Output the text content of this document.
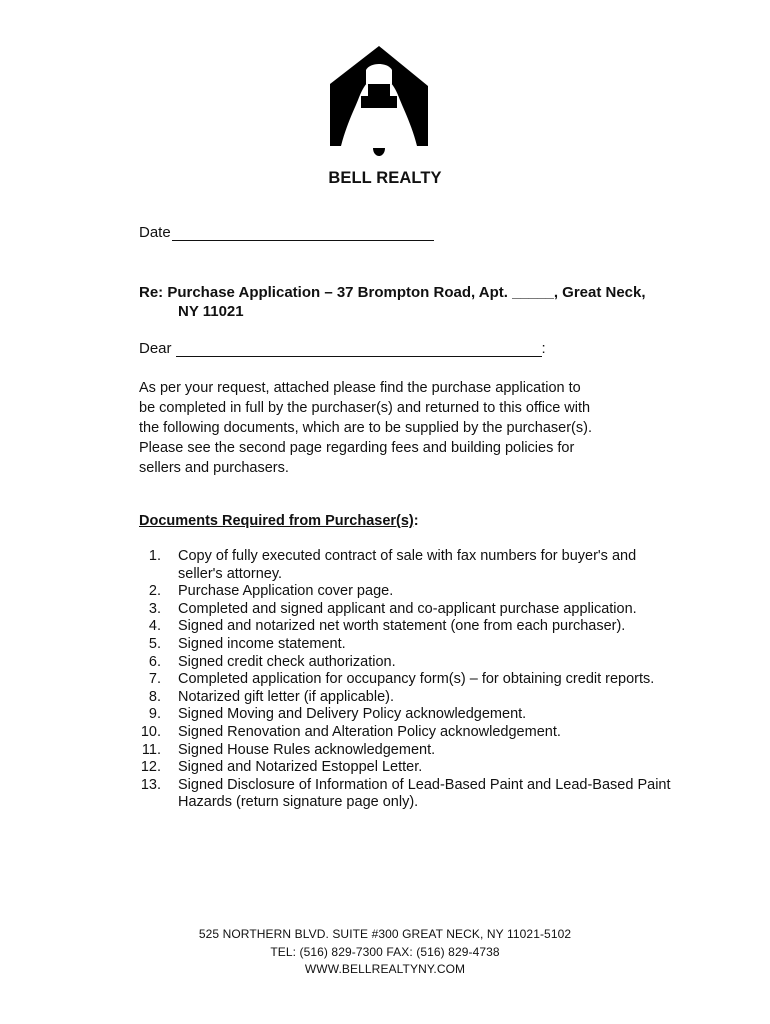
BELL REALTY
Date
Re: Purchase Application – 37 Brompton Road, Apt. _____, Great Neck,
NY 11021
Dear	:
As per your request, attached please find the purchase application to
be completed in full by the purchaser(s) and returned to this office with
the following documents, which are to be supplied by the purchaser(s).
Please see the second page regarding fees and building policies for
sellers and purchasers.
Documents Required from Purchaser(s):
1. Copy of fully executed contract of sale with fax numbers for buyer's and seller's attorney.
2. Purchase Application cover page.
3. Completed and signed applicant and co-applicant purchase application.
4. Signed and notarized net worth statement (one from each purchaser).
5. Signed income statement.
6. Signed credit check authorization.
7. Completed application for occupancy form(s) – for obtaining credit reports.
8. Notarized gift letter (if applicable).
9. Signed Moving and Delivery Policy acknowledgement.
10. Signed Renovation and Alteration Policy acknowledgement.
11. Signed House Rules acknowledgement.
12. Signed and Notarized Estoppel Letter.
13. Signed Disclosure of Information of Lead-Based Paint and Lead-Based Paint Hazards (return signature page only).
525 NORTHERN BLVD. SUITE #300 GREAT NECK, NY 11021-5102
TEL: (516) 829-7300 FAX: (516) 829-4738
WWW.BELLREALTYNY.COM
